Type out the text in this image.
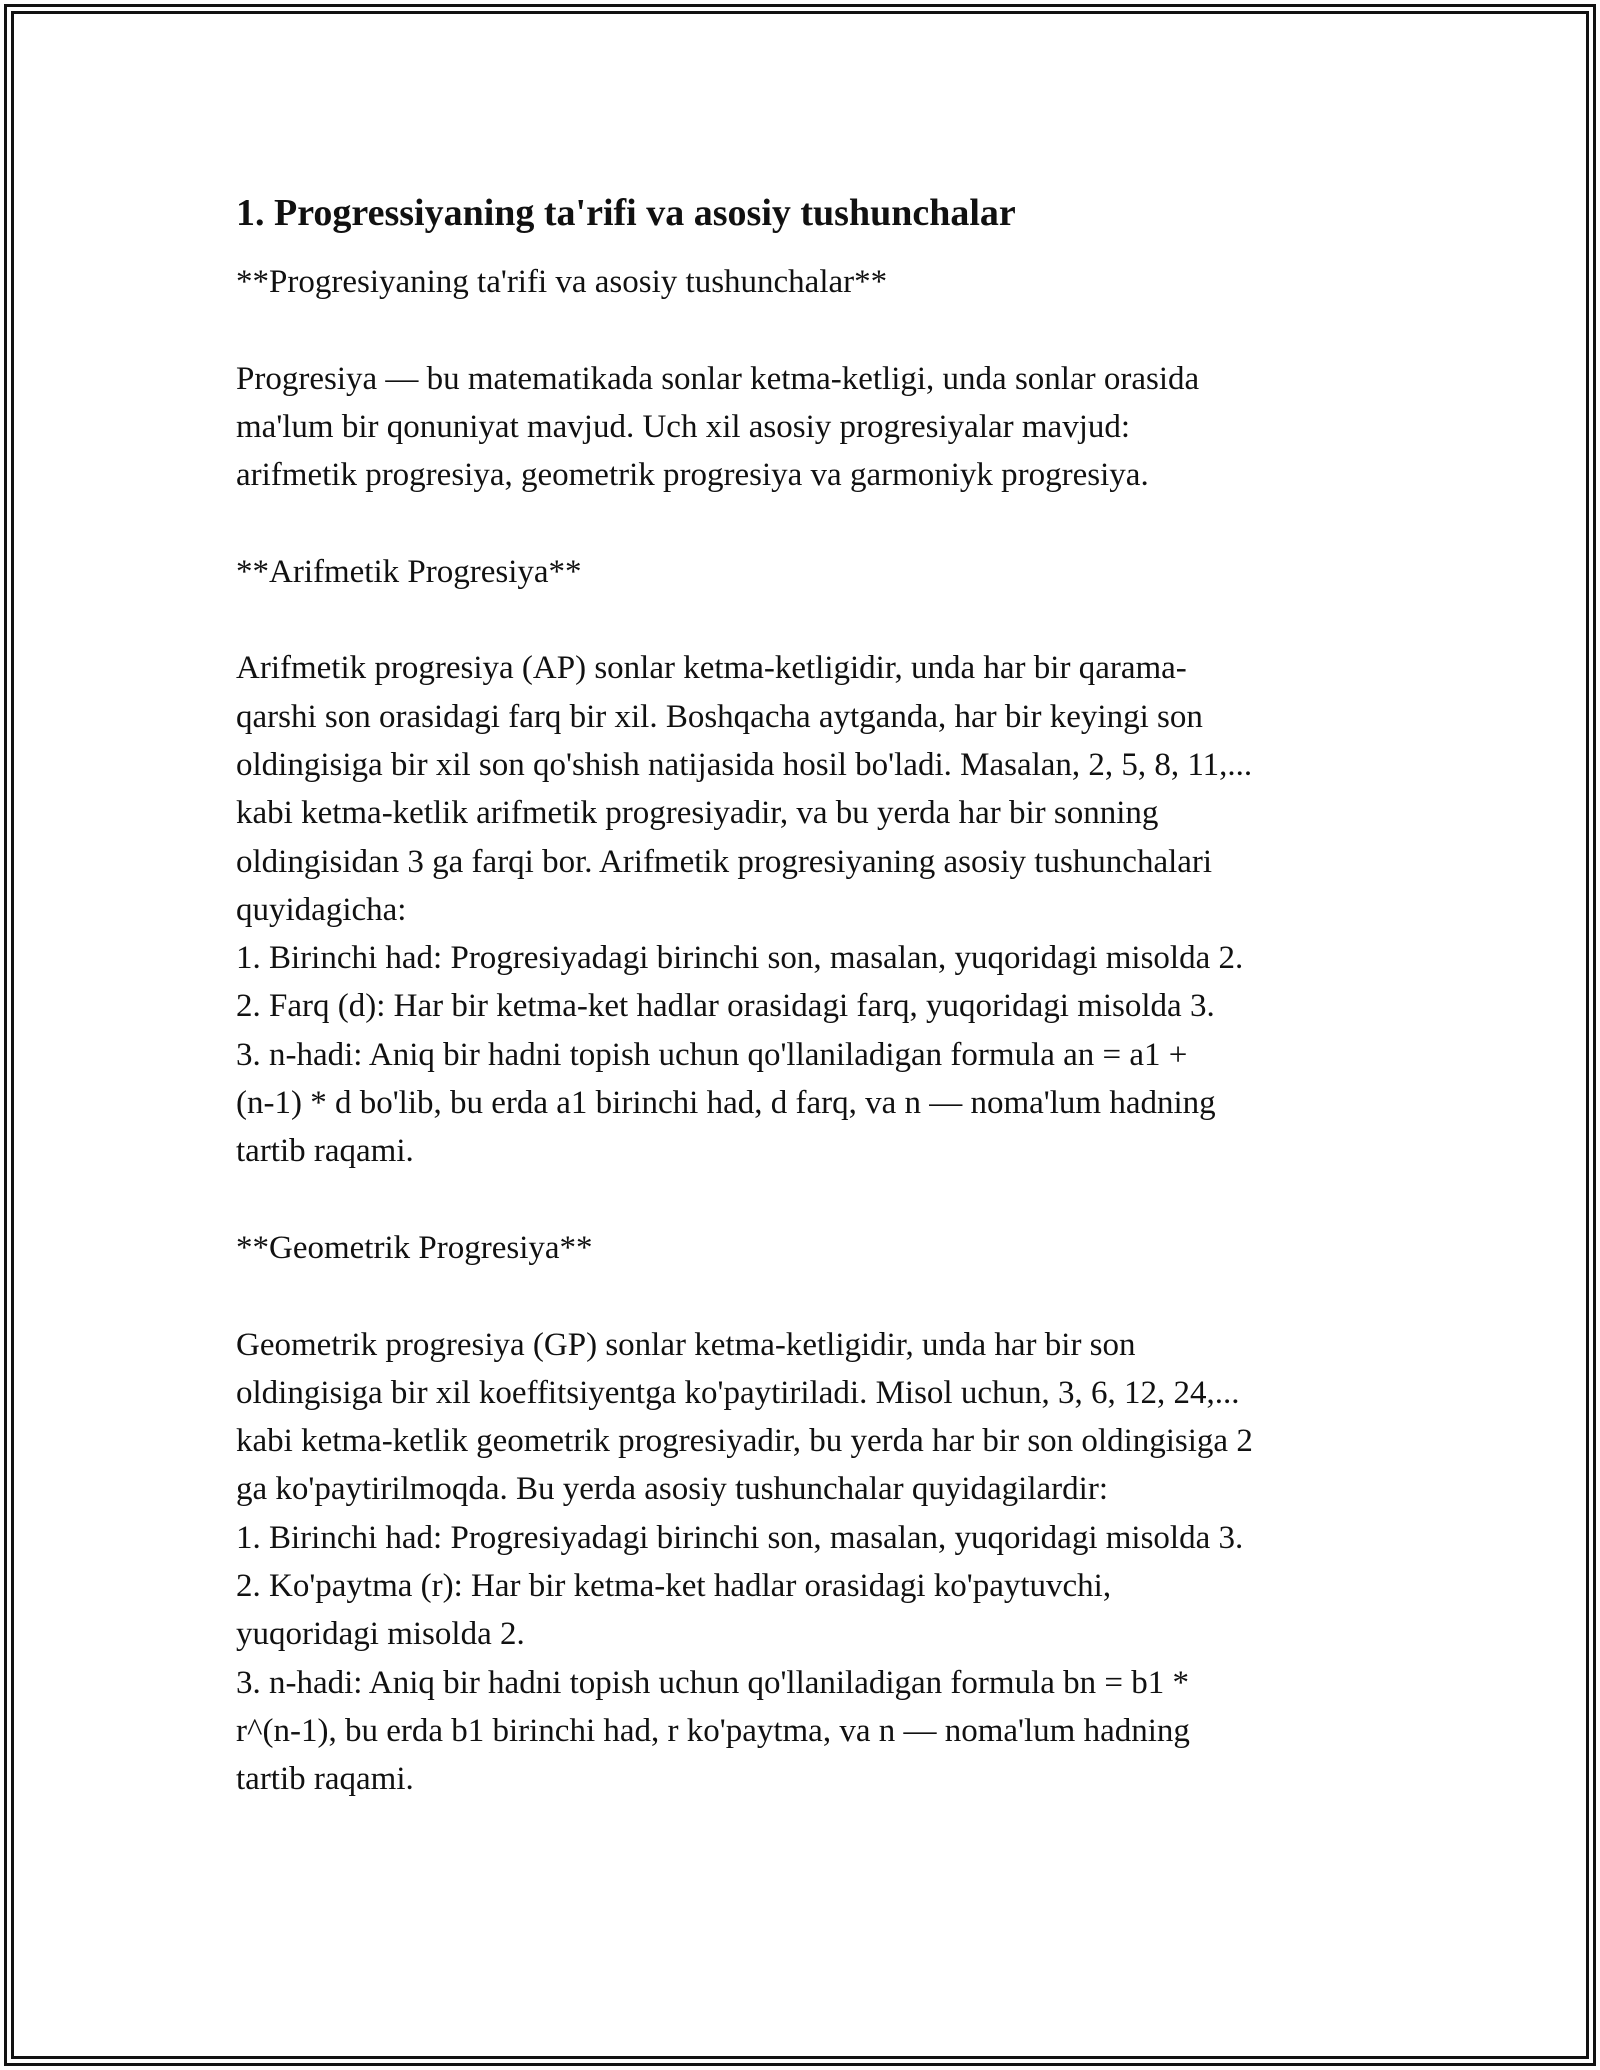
1. Progressiyaning ta'rifi va asosiy tushunchalar
**Progresiyaning ta'rifi va asosiy tushunchalar**

Progresiya — bu matematikada sonlar ketma-ketligi, unda sonlar orasida
ma'lum bir qonuniyat mavjud. Uch xil asosiy progresiyalar mavjud:
arifmetik progresiya, geometrik progresiya va garmoniyk progresiya.

**Arifmetik Progresiya**

Arifmetik progresiya (AP) sonlar ketma-ketligidir, unda har bir qarama-
qarshi son orasidagi farq bir xil. Boshqacha aytganda, har bir keyingi son
oldingisiga bir xil son qo'shish natijasida hosil bo'ladi. Masalan, 2, 5, 8, 11,...
kabi ketma-ketlik arifmetik progresiyadir, va bu yerda har bir sonning
oldingisidan 3 ga farqi bor. Arifmetik progresiyaning asosiy tushunchalari
quyidagicha:
1. Birinchi had: Progresiyadagi birinchi son, masalan, yuqoridagi misolda 2.
2. Farq (d): Har bir ketma-ket hadlar orasidagi farq, yuqoridagi misolda 3.
3. n-hadi: Aniq bir hadni topish uchun qo'llaniladigan formula an = a1 +
(n-1) * d bo'lib, bu erda a1 birinchi had, d farq, va n — noma'lum hadning
tartib raqami.

**Geometrik Progresiya**

Geometrik progresiya (GP) sonlar ketma-ketligidir, unda har bir son
oldingisiga bir xil koeffitsiyentga ko'paytiriladi. Misol uchun, 3, 6, 12, 24,...
kabi ketma-ketlik geometrik progresiyadir, bu yerda har bir son oldingisiga 2
ga ko'paytirilmoqda. Bu yerda asosiy tushunchalar quyidagilardir:
1. Birinchi had: Progresiyadagi birinchi son, masalan, yuqoridagi misolda 3.
2. Ko'paytma (r): Har bir ketma-ket hadlar orasidagi ko'paytuvchi,
yuqoridagi misolda 2.
3. n-hadi: Aniq bir hadni topish uchun qo'llaniladigan formula bn = b1 *
r^(n-1), bu erda b1 birinchi had, r ko'paytma, va n — noma'lum hadning
tartib raqami.
